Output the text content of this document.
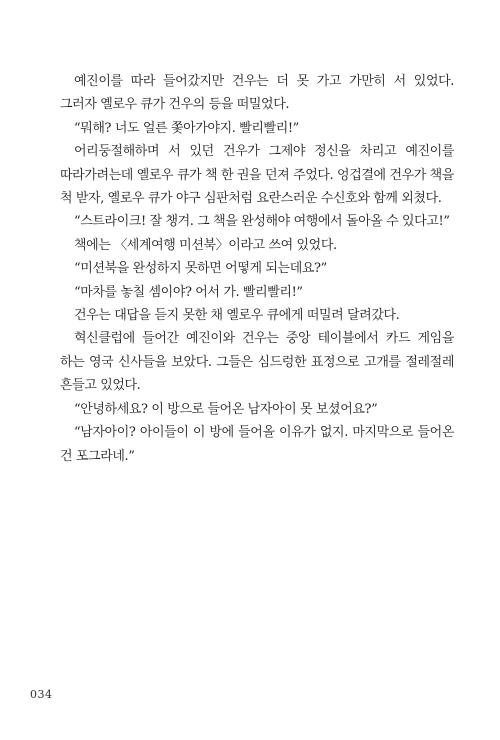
예진이를 따라 들어갔지만 건우는 더 못 가고 가만히 서 있었다. 그러자 옐로우 큐가 건우의 등을 떠밀었다.

“뭐해? 너도 얼른 쫓아가야지. 빨리빨리!”

어리둥절해하며 서 있던 건우가 그제야 정신을 차리고 예진이를 따라가려는데 옐로우 큐가 책 한 권을 던져 주었다. 엉겁결에 건우가 책을 척 받자, 옐로우 큐가 야구 심판처럼 요란스러운 수신호와 함께 외쳤다.

“스트라이크! 잘 챙겨. 그 책을 완성해야 여행에서 돌아올 수 있다고!”

책에는 〈세계여행 미션북〉이라고 쓰여 있었다.

“미션북을 완성하지 못하면 어떻게 되는데요?”

“마차를 놓칠 셈이야? 어서 가. 빨리빨리!”

건우는 대답을 듣지 못한 채 옐로우 큐에게 떠밀려 달려갔다.

혁신클럽에 들어간 예진이와 건우는 중앙 테이블에서 카드 게임을 하는 영국 신사들을 보았다. 그들은 심드렁한 표정으로 고개를 절레절레 흔들고 있었다.

“안녕하세요? 이 방으로 들어온 남자아이 못 보셨어요?”

“남자아이? 아이들이 이 방에 들어올 이유가 없지. 마지막으로 들어온 건 포그라네.”

034
